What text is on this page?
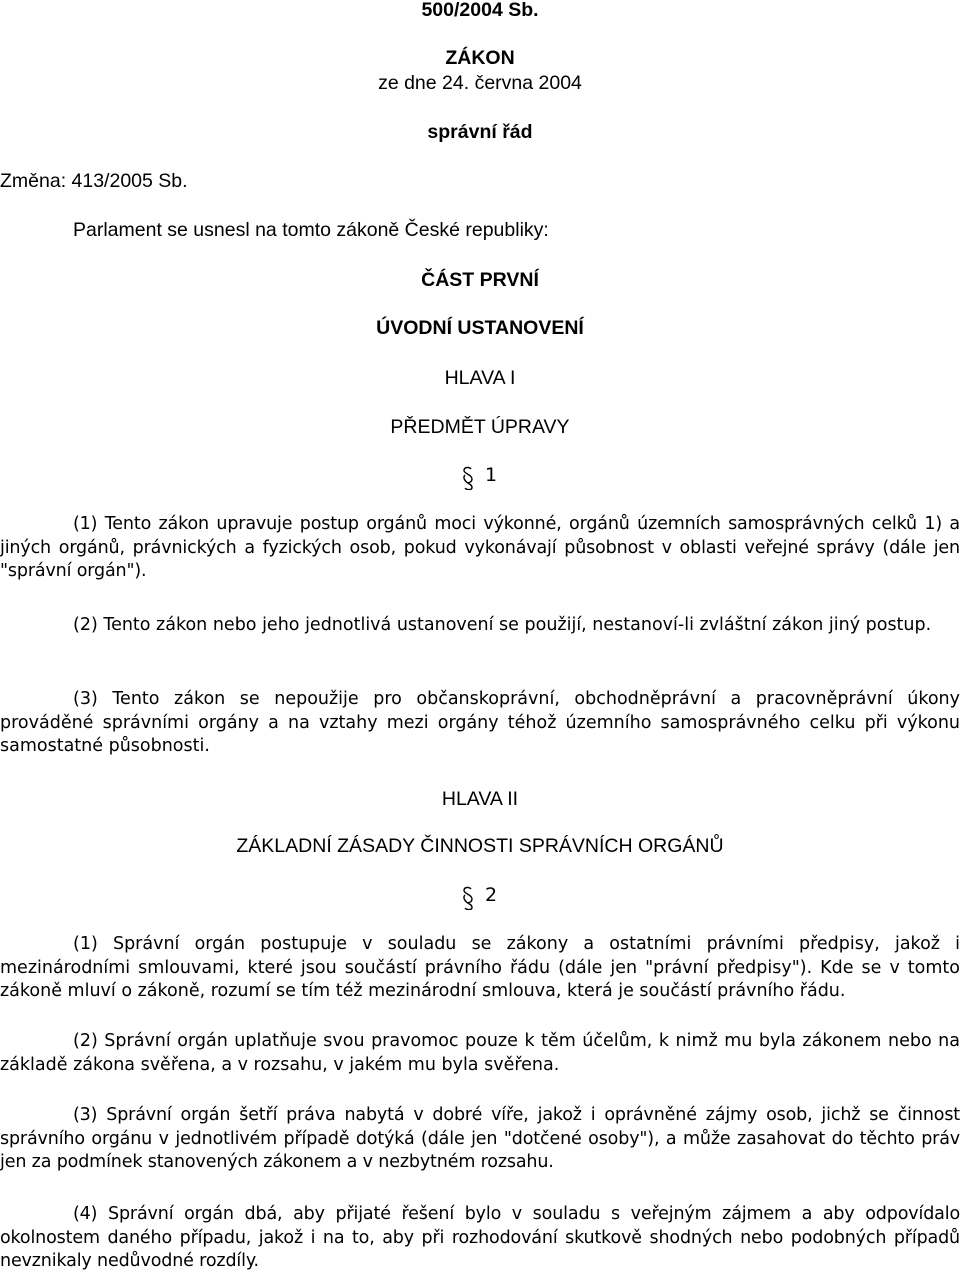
500/2004 Sb.
ZÁKON
ze dne 24. června 2004
správní řád
Změna: 413/2005 Sb.
Parlament se usnesl na tomto zákoně České republiky:
ČÁST PRVNÍ
ÚVODNÍ USTANOVENÍ
HLAVA I
PŘEDMĚT ÚPRAVY
1
(1) Tento zákon upravuje postup orgánů moci výkonné, orgánů územních samosprávných celků 1) a jiných orgánů, právnických a fyzických osob, pokud vykonávají působnost v oblasti veřejné správy (dále jen "správní orgán").
(2) Tento zákon nebo jeho jednotlivá ustanovení se použijí, nestanoví-li zvláštní zákon jiný postup.
(3) Tento zákon se nepoužije pro občanskoprávní, obchodněprávní a pracovněprávní úkony prováděné správními orgány a na vztahy mezi orgány téhož územního samosprávného celku při výkonu samostatné působnosti.
HLAVA II
ZÁKLADNÍ ZÁSADY ČINNOSTI SPRÁVNÍCH ORGÁNŮ
2
(1) Správní orgán postupuje v souladu se zákony a ostatními právními předpisy, jakož i mezinárodními smlouvami, které jsou součástí právního řádu (dále jen "právní předpisy"). Kde se v tomto zákoně mluví o zákoně, rozumí se tím též mezinárodní smlouva, která je součástí právního řádu.
(2) Správní orgán uplatňuje svou pravomoc pouze k těm účelům, k nimž mu byla zákonem nebo na základě zákona svěřena, a v rozsahu, v jakém mu byla svěřena.
(3) Správní orgán šetří práva nabytá v dobré víře, jakož i oprávněné zájmy osob, jichž se činnost správního orgánu v jednotlivém případě dotýká (dále jen "dotčené osoby"), a může zasahovat do těchto práv jen za podmínek stanovených zákonem a v nezbytném rozsahu.
(4) Správní orgán dbá, aby přijaté řešení bylo v souladu s veřejným zájmem a aby odpovídalo okolnostem daného případu, jakož i na to, aby při rozhodování skutkově shodných nebo podobných případů nevznikaly nedůvodné rozdíly.
